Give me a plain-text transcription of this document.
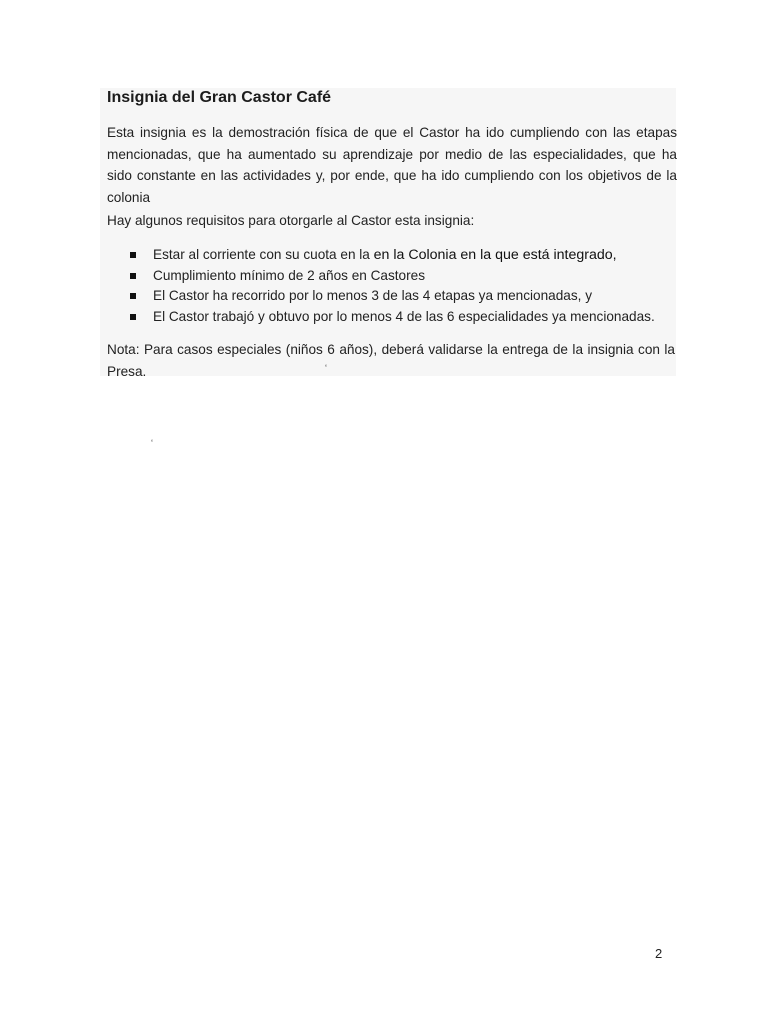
Insignia del Gran Castor Café

Esta insignia es la demostración física de que el Castor ha ido cumpliendo con las etapas
mencionadas, que ha aumentado su aprendizaje por medio de las especialidades, que ha
sido constante en las actividades y, por ende, que ha ido cumpliendo con los objetivos de la
colonia

Hay algunos requisitos para otorgarle al Castor esta insignia:

Estar al corriente con su cuota en la en la Colonia en la que está integrado,
Cumplimiento mínimo de 2 años en Castores
El Castor ha recorrido por lo menos 3 de las 4 etapas ya mencionadas, y
El Castor trabajó y obtuvo por lo menos 4 de las 6 especialidades ya mencionadas.

Nota: Para casos especiales (niños 6 años), deberá validarse la entrega de la insignia con la
Presa.	‘
‘
2
